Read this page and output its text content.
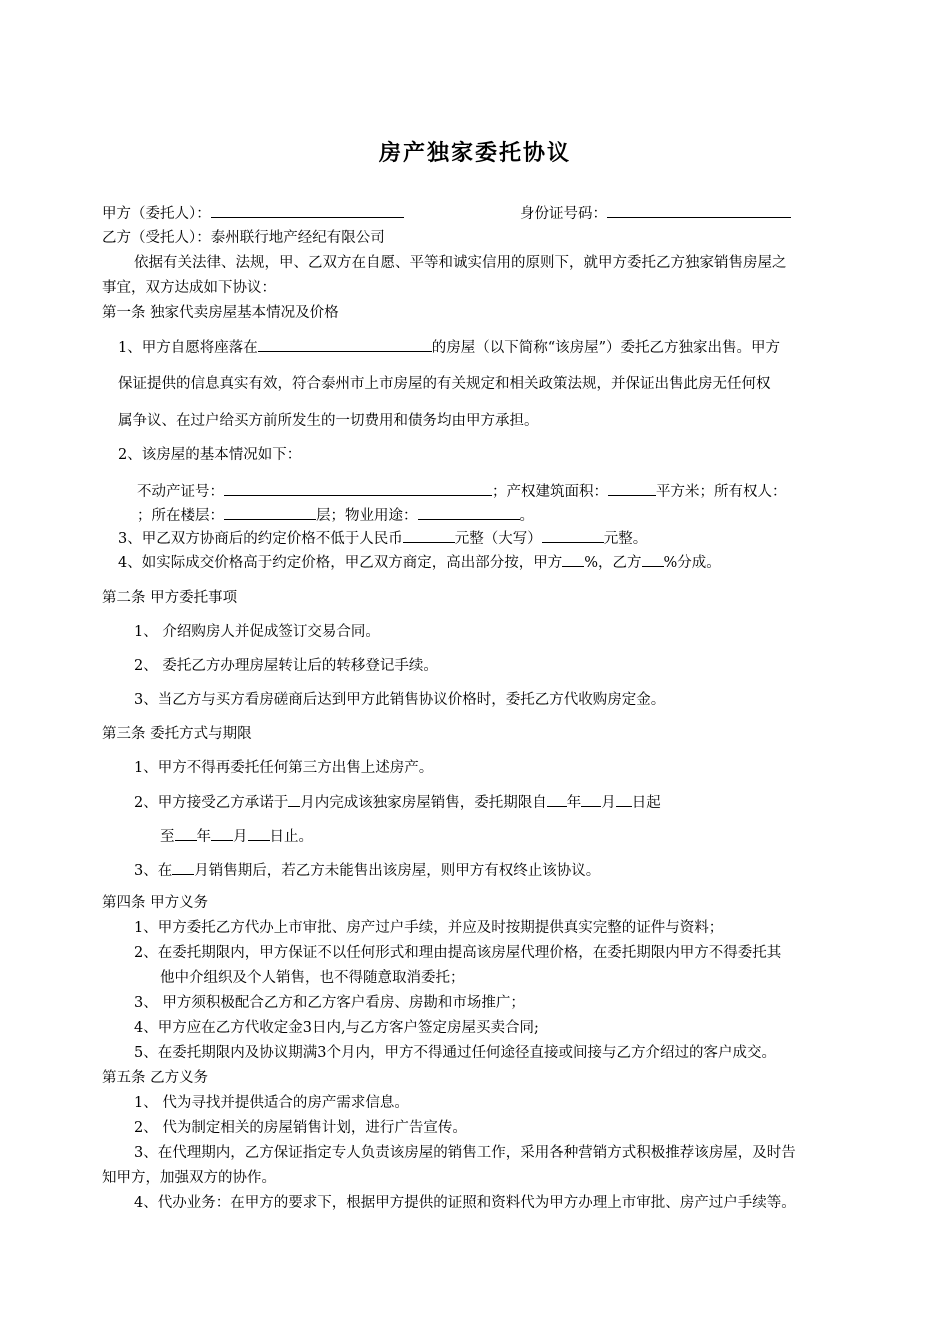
房产独家委托协议
甲方（委托人）：	身份证号码：
乙方（受托人）：泰州联行地产经纪有限公司
依据有关法律、法规，甲、乙双方在自愿、平等和诚实信用的原则下，就甲方委托乙方独家销售房屋之
事宜，双方达成如下协议：
第一条 独家代卖房屋基本情况及价格
1、甲方自愿将座落在	的房屋（以下简称“该房屋”）委托乙方独家出售。甲方
保证提供的信息真实有效，符合泰州市上市房屋的有关规定和相关政策法规，并保证出售此房无任何权
属争议、在过户给买方前所发生的一切费用和债务均由甲方承担。
2、该房屋的基本情况如下：
不动产证号：	；产权建筑面积：	平方米；所有权人：
；所在楼层：	层；物业用途：	。
3、甲乙双方协商后的约定价格不低于人民币	元整（大写）	元整。
4、如实际成交价格高于约定价格，甲乙双方商定，高出部分按，甲方 %，乙方 %分成。
第二条 甲方委托事项
1、 介绍购房人并促成签订交易合同。
2、 委托乙方办理房屋转让后的转移登记手续。
3、当乙方与买方看房磋商后达到甲方此销售协议价格时，委托乙方代收购房定金。
第三条 委托方式与期限
1、甲方不得再委托任何第三方出售上述房产。
2、甲方接受乙方承诺于 月内完成该独家房屋销售，委托期限自 年 月 日起
至 年 月 日止。
3、在 月销售期后，若乙方未能售出该房屋，则甲方有权终止该协议。
第四条 甲方义务
1、甲方委托乙方代办上市审批、房产过户手续，并应及时按期提供真实完整的证件与资料；
2、在委托期限内，甲方保证不以任何形式和理由提高该房屋代理价格，在委托期限内甲方不得委托其
他中介组织及个人销售，也不得随意取消委托；
3、 甲方须积极配合乙方和乙方客户看房、房勘和市场推广；
4、甲方应在乙方代收定金3日内,与乙方客户签定房屋买卖合同;
5、在委托期限内及协议期满3个月内，甲方不得通过任何途径直接或间接与乙方介绍过的客户成交。
第五条 乙方义务
1、 代为寻找并提供适合的房产需求信息。
2、 代为制定相关的房屋销售计划，进行广告宣传。
3、在代理期内，乙方保证指定专人负责该房屋的销售工作，采用各种营销方式积极推荐该房屋，及时告
知甲方，加强双方的协作。
4、代办业务：在甲方的要求下，根据甲方提供的证照和资料代为甲方办理上市审批、房产过户手续等。
